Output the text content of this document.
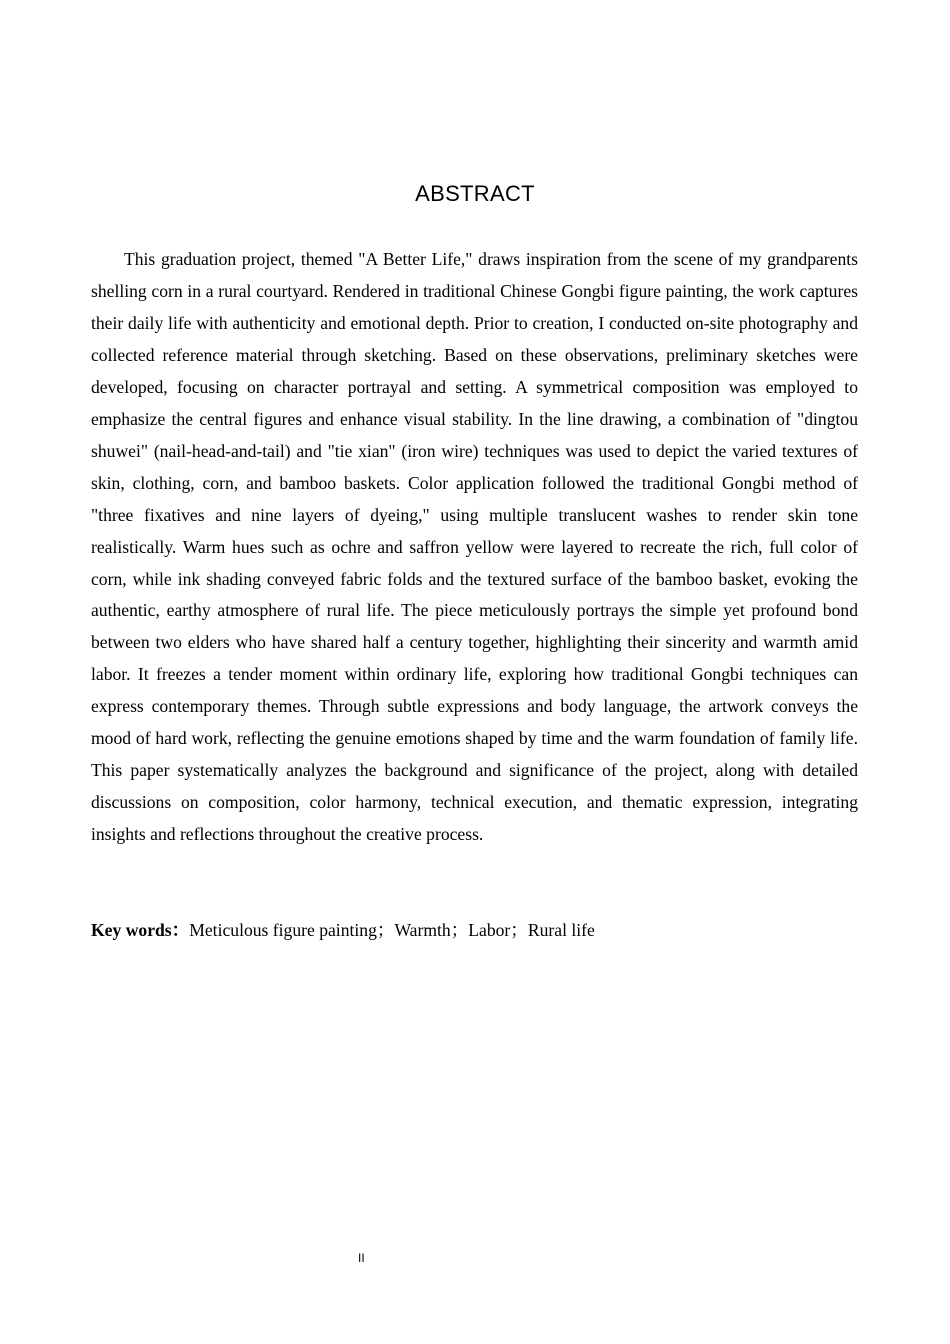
ABSTRACT

This graduation project, themed "A Better Life," draws inspiration from the scene of my grandparents shelling corn in a rural courtyard. Rendered in traditional Chinese Gongbi figure painting, the work captures their daily life with authenticity and emotional depth. Prior to creation, I conducted on-site photography and collected reference material through sketching. Based on these observations, preliminary sketches were developed, focusing on character portrayal and setting. A symmetrical composition was employed to emphasize the central figures and enhance visual stability. In the line drawing, a combination of "dingtou shuwei" (nail-head-and-tail) and "tie xian" (iron wire) techniques was used to depict the varied textures of skin, clothing, corn, and bamboo baskets. Color application followed the traditional Gongbi method of "three fixatives and nine layers of dyeing," using multiple translucent washes to render skin tone realistically. Warm hues such as ochre and saffron yellow were layered to recreate the rich, full color of corn, while ink shading conveyed fabric folds and the textured surface of the bamboo basket, evoking the authentic, earthy atmosphere of rural life. The piece meticulously portrays the simple yet profound bond between two elders who have shared half a century together, highlighting their sincerity and warmth amid labor. It freezes a tender moment within ordinary life, exploring how traditional Gongbi techniques can express contemporary themes. Through subtle expressions and body language, the artwork conveys the mood of hard work, reflecting the genuine emotions shaped by time and the warm foundation of family life. This paper systematically analyzes the background and significance of the project, along with detailed discussions on composition, color harmony, technical execution, and thematic expression, integrating insights and reflections throughout the creative process.

Key words：Meticulous figure painting；Warmth；Labor；Rural life

II
